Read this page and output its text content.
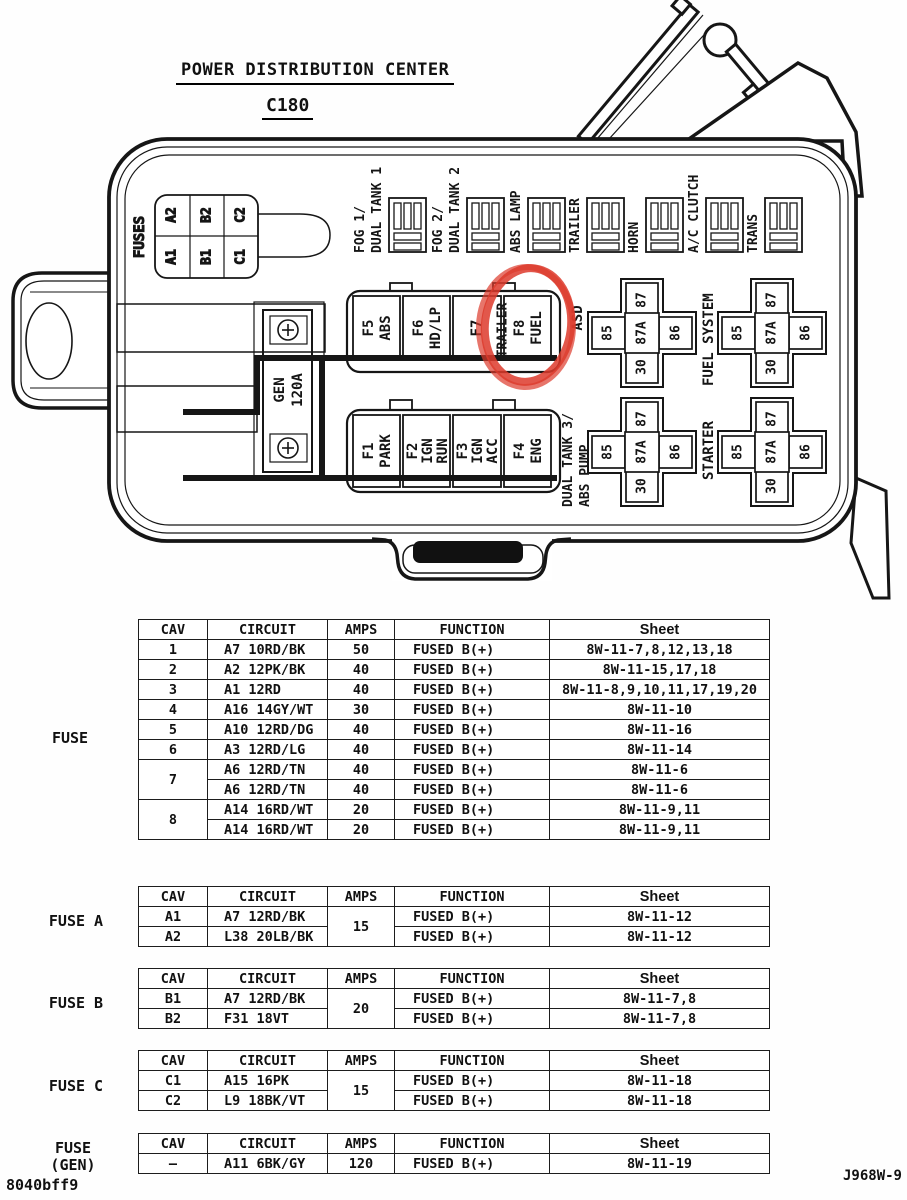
POWER DISTRIBUTION CENTER
C180
FUSES
A2 B2 C2
A1 B1 C1
FOG 1/ DUAL TANK 1	FOG 2/ DUAL TANK 2	ABS LAMP	TRAILER	HORN	A/C CLUTCH	TRANS
GEN 120A
F5 ABS F6 HD/LP F7 F8 FUEL
TRAILER	ASD
F1 PARK F2 IGN RUN F3 IGN ACC F4 ENG DUAL TANK 3/ ABS PUMP
87
85 87A 86
30
87
85 87A 86
30
87
85 87A 86
30
87
85 87A 86
30
FUEL SYSTEM
STARTER
FUSE
CAV	CIRCUIT	AMPS	FUNCTION	Sheet
1	A7 10RD/BK	50	FUSED B(+)	8W-11-7,8,12,13,18
2	A2 12PK/BK	40	FUSED B(+)	8W-11-15,17,18
3	A1 12RD	40	FUSED B(+)	8W-11-8,9,10,11,17,19,20
4	A16 14GY/WT	30	FUSED B(+)	8W-11-10
5	A10 12RD/DG	40	FUSED B(+)	8W-11-16
6	A3 12RD/LG	40	FUSED B(+)	8W-11-14
7	A6 12RD/TN	40	FUSED B(+)	8W-11-6
	A6 12RD/TN	40	FUSED B(+)	8W-11-6
8	A14 16RD/WT	20	FUSED B(+)	8W-11-9,11
	A14 16RD/WT	20	FUSED B(+)	8W-11-9,11
FUSE A
CAV	CIRCUIT	AMPS	FUNCTION	Sheet
A1	A7 12RD/BK	15	FUSED B(+)	8W-11-12
A2	L38 20LB/BK		FUSED B(+)	8W-11-12
FUSE B
CAV	CIRCUIT	AMPS	FUNCTION	Sheet
B1	A7 12RD/BK	20	FUSED B(+)	8W-11-7,8
B2	F31 18VT		FUSED B(+)	8W-11-7,8
FUSE C
CAV	CIRCUIT	AMPS	FUNCTION	Sheet
C1	A15 16PK	15	FUSED B(+)	8W-11-18
C2	L9 18BK/VT		FUSED B(+)	8W-11-18
FUSE
(GEN)
CAV	CIRCUIT	AMPS	FUNCTION	Sheet
–	A11 6BK/GY	120	FUSED B(+)	8W-11-19
8040bff9	J968W-9
